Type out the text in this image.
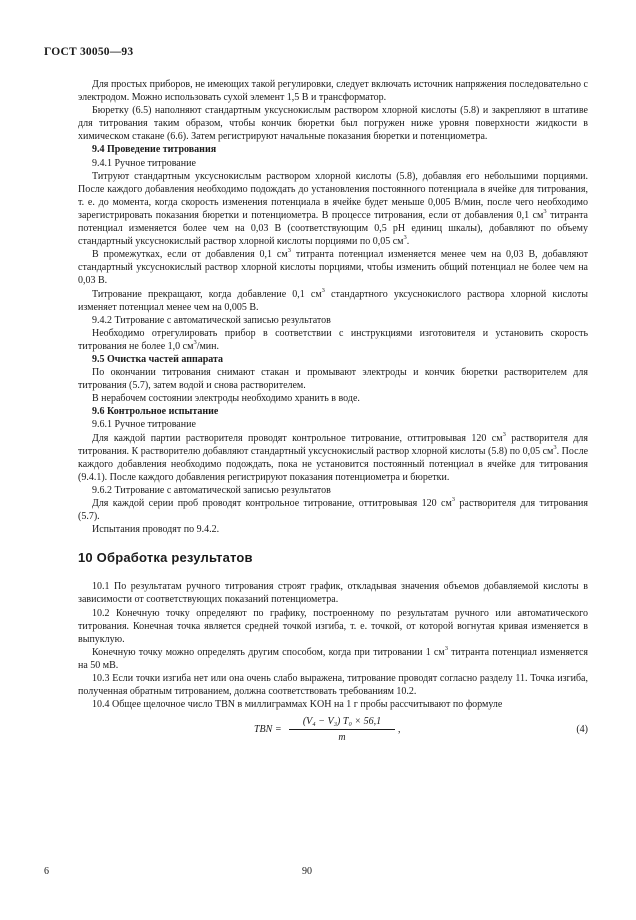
ГОСТ 30050—93

Для простых приборов, не имеющих такой регулировки, следует включать источник напряжения последовательно с электродом. Можно использовать сухой элемент 1,5 В и трансформатор.

Бюретку (6.5) наполняют стандартным уксуснокислым раствором хлорной кислоты (5.8) и закрепляют в штативе для титрования таким образом, чтобы кончик бюретки был погружен ниже уровня поверхности жидкости в химическом стакане (6.6). Затем регистрируют начальные показания бюретки и потенциометра.

9.4 Проведение титрования

9.4.1 Ручное титрование

Титруют стандартным уксуснокислым раствором хлорной кислоты (5.8), добавляя его небольшими порциями. После каждого добавления необходимо подождать до установления постоянного потенциала в ячейке для титрования, т. е. до момента, когда скорость изменения потенциала в ячейке будет меньше 0,005 В/мин, после чего необходимо зарегистрировать показания бюретки и потенциометра. В процессе титрования, если от добавления 0,1 $см^3$ титранта потенциал изменяется более чем на 0,03 В (соответствующим 0,5 pH единиц шкалы), добавляют по объему стандартный уксуснокислый раствор хлорной кислоты порциями по 0,05 $см^3$.

В промежутках, если от добавления 0,1 $см^3$ титранта потенциал изменяется менее чем на 0,03 В, добавляют стандартный уксуснокислый раствор хлорной кислоты порциями, чтобы изменить общий потенциал не более чем на 0,03 В.

Титрование прекращают, когда добавление 0,1 $см^3$ стандартного уксуснокислого раствора хлорной кислоты изменяет потенциал менее чем на 0,005 В.

9.4.2 Титрование с автоматической записью результатов

Необходимо отрегулировать прибор в соответствии с инструкциями изготовителя и установить скорость титрования не более 1,0 $см^3$/мин.

9.5 Очистка частей аппарата

По окончании титрования снимают стакан и промывают электроды и кончик бюретки растворителем для титрования (5.7), затем водой и снова растворителем.

В нерабочем состоянии электроды необходимо хранить в воде.

9.6 Контрольное испытание

9.6.1 Ручное титрование

Для каждой партии растворителя проводят контрольное титрование, оттитровывая 120 $см^3$ растворителя для титрования. К растворителю добавляют стандартный уксуснокислый раствор хлорной кислоты (5.8) по 0,05 $см^3$. После каждого добавления необходимо подождать, пока не установится постоянный потенциал в ячейке для титрования (9.4.1). После каждого добавления регистрируют показания потенциометра и бюретки.

9.6.2 Титрование с автоматической записью результатов

Для каждой серии проб проводят контрольное титрование, оттитровывая 120 $см^3$ растворителя для титрования (5.7).

Испытания проводят по 9.4.2.

10 Обработка результатов

10.1 По результатам ручного титрования строят график, откладывая значения объемов добавляемой кислоты в зависимости от соответствующих показаний потенциометра.

10.2 Конечную точку определяют по графику, построенному по результатам ручного или автоматического титрования. Конечная точка является средней точкой изгиба, т. е. точкой, от которой вогнутая кривая изменяется в выпуклую.

Конечную точку можно определять другим способом, когда при титровании 1 $см^3$ титранта потенциал изменяется на 50 мВ.

10.3 Если точки изгиба нет или она очень слабо выражена, титрование проводят согласно разделу 11. Точка изгиба, полученная обратным титрованием, должна соответствовать требованиям 10.2.

10.4 Общее щелочное число TBN в миллиграммах KOH на 1 г пробы рассчитывают по формуле

TBN = $\frac{\text{(V₄ − V₃) T₀ × 56,1}}{m}$ ,	(4)
6	90
